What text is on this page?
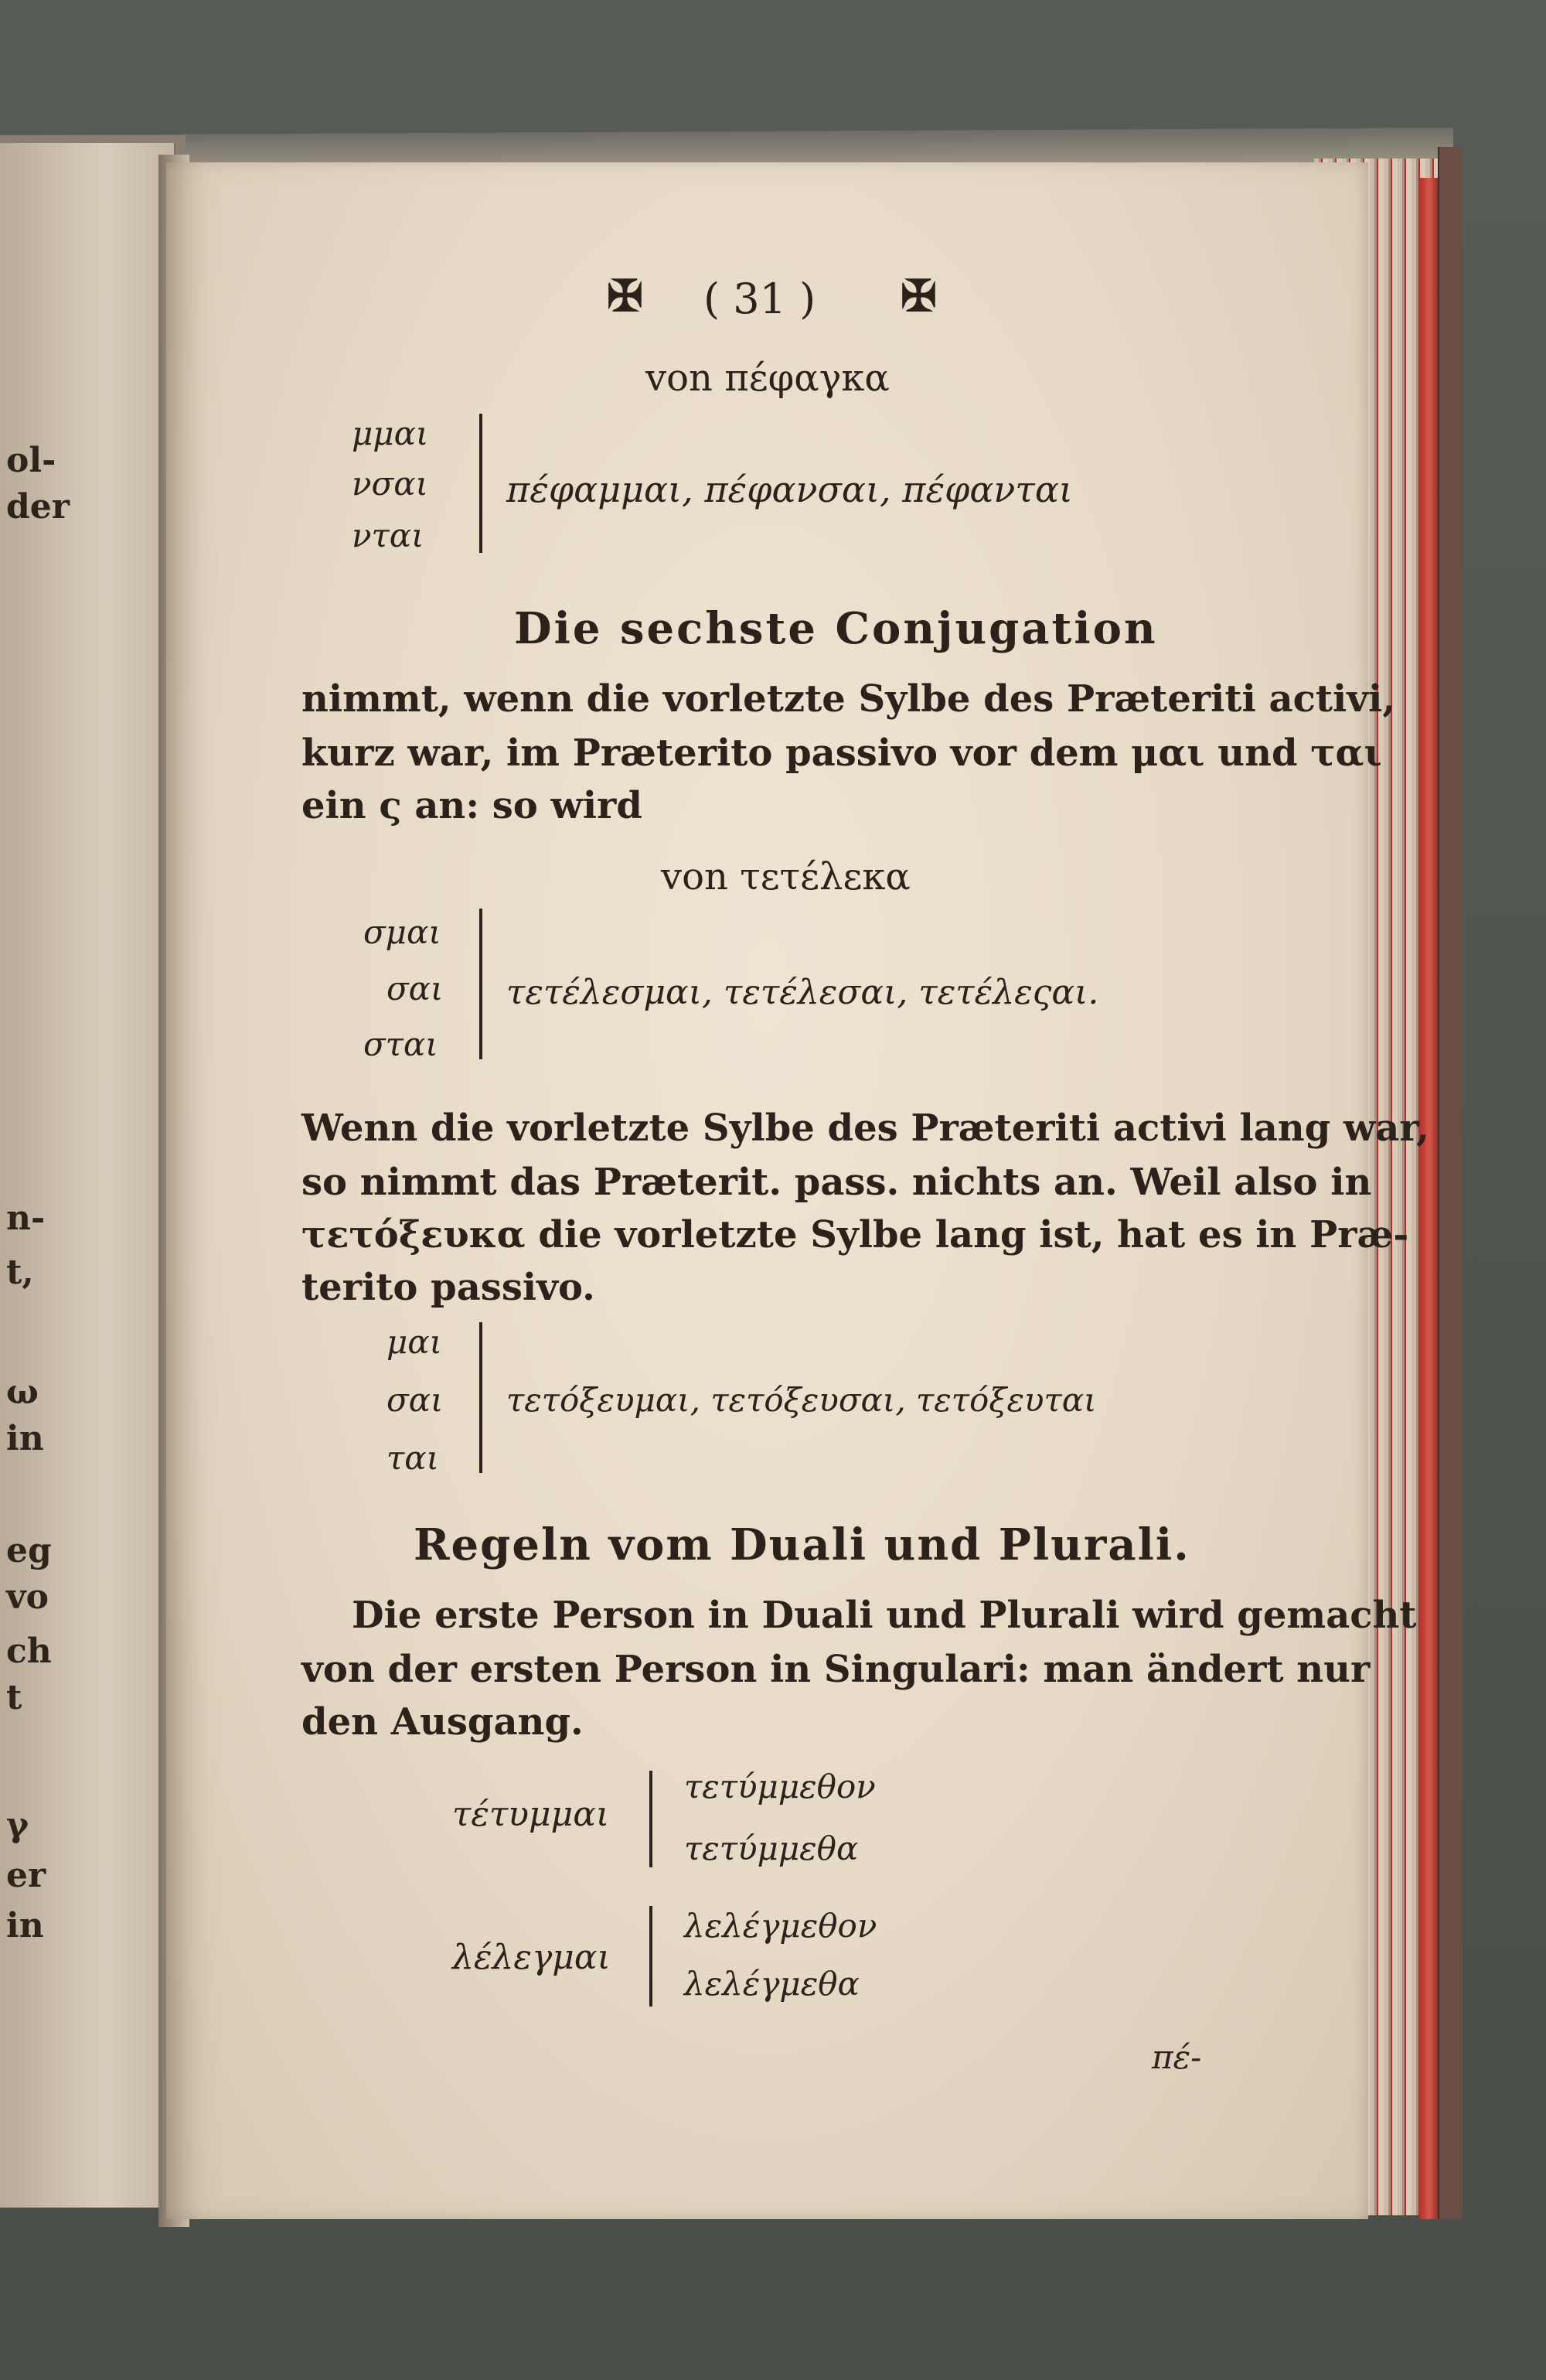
ol-
der
n-
t,
ω
in
eg
vo
ch
t
γ
er
in
✠ ( 31 ) ✠
von πέφαγκα
μμαι
νσαι
νται
πέφαμμαι, πέφανσαι, πέφανται
Die sechste Conjugation
nimmt, wenn die vorletzte Sylbe des Præteriti activi,
kurz war, im Præterito passivo vor dem μαι und ται
ein ς an: so wird
von τετέλεκα
σμαι
σαι
σται
τετέλεσμαι, τετέλεσαι, τετέλεςαι.
Wenn die vorletzte Sylbe des Præteriti activi lang war,
so nimmt das Præterit. pass. nichts an. Weil also in
τετόξευκα die vorletzte Sylbe lang ist, hat es in Præ-
terito passivo.
μαι
σαι
ται
τετόξευμαι, τετόξευσαι, τετόξευται
Regeln vom Duali und Plurali.
Die erste Person in Duali und Plurali wird gemacht
von der ersten Person in Singulari: man ändert nur
den Ausgang.
τέτυμμαι
τετύμμεθον
τετύμμεθα
λέλεγμαι
λελέγμεθον
λελέγμεθα
πέ-
